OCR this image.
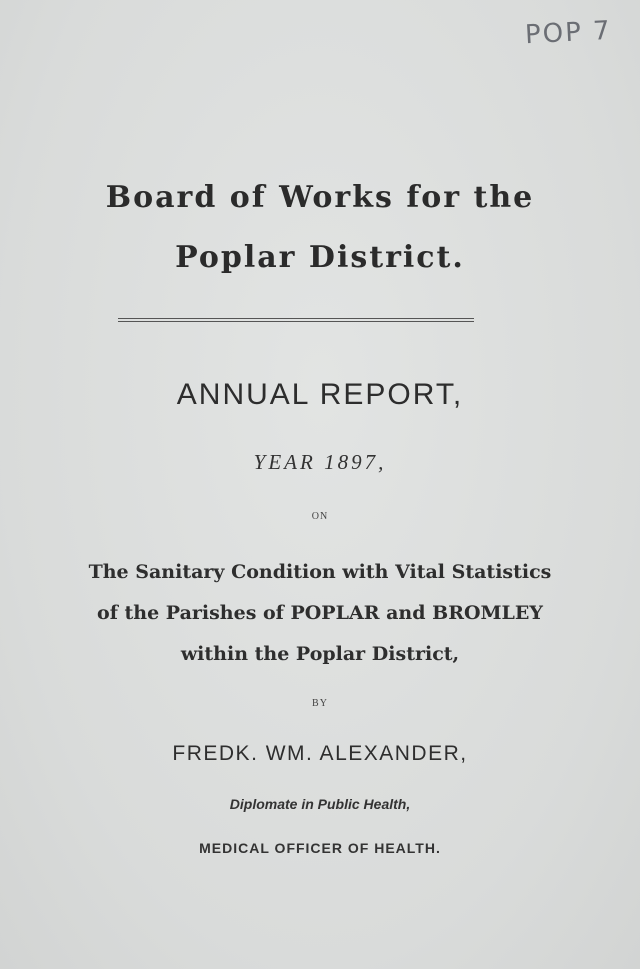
POP 7
Board of Works for the
Poplar District.
ANNUAL REPORT,
YEAR 1897,
ON
The Sanitary Condition with Vital Statistics
of the Parishes of POPLAR and BROMLEY
within the Poplar District,
BY
FREDK. WM. ALEXANDER,
Diplomate in Public Health,
MEDICAL OFFICER OF HEALTH.
